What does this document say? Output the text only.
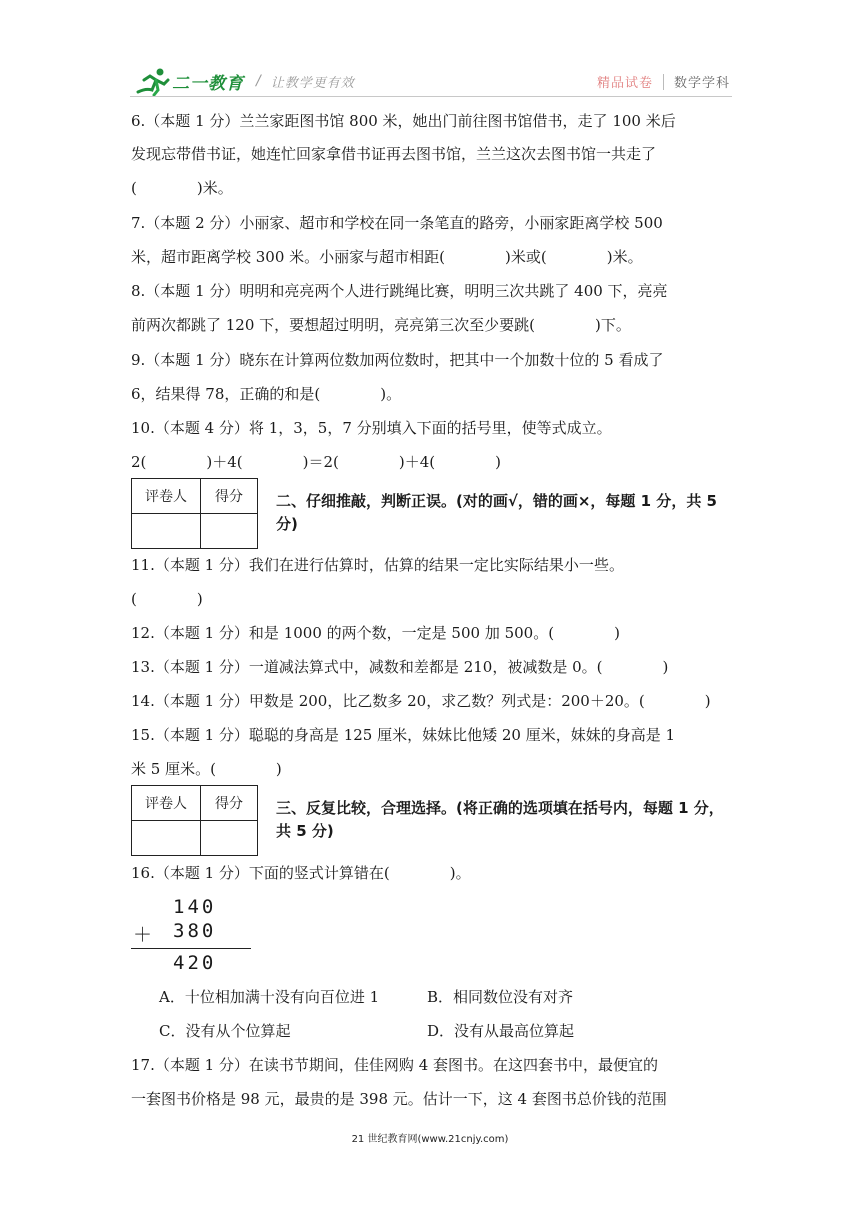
二一教育 / 让教学更有效	精品试卷 数学学科
6.（本题 1 分）兰兰家距图书馆 800 米，她出门前往图书馆借书，走了 100 米后
发现忘带借书证，她连忙回家拿借书证再去图书馆，兰兰这次去图书馆一共走了
(　　　　)米。
7.（本题 2 分）小丽家、超市和学校在同一条笔直的路旁，小丽家距离学校 500
米，超市距离学校 300 米。小丽家与超市相距(　　　　)米或(　　　　)米。
8.（本题 1 分）明明和亮亮两个人进行跳绳比赛，明明三次共跳了 400 下，亮亮
前两次都跳了 120 下，要想超过明明，亮亮第三次至少要跳(　　　　)下。
9.（本题 1 分）晓东在计算两位数加两位数时，把其中一个加数十位的 5 看成了
6，结果得 78，正确的和是(　　　　)。
10.（本题 4 分）将 1，3，5，7 分别填入下面的括号里，使等式成立。
2(　　　　)＋4(　　　　)＝2(　　　　)＋4(　　　　)
评卷人	得分
	二、仔细推敲，判断正误。(对的画√，错的画×，每题 1 分，共 5 分)
11.（本题 1 分）我们在进行估算时，估算的结果一定比实际结果小一些。
(　　　　)
12.（本题 1 分）和是 1000 的两个数，一定是 500 加 500。(　　　　)
13.（本题 1 分）一道减法算式中，减数和差都是 210，被减数是 0。(　　　　)
14.（本题 1 分）甲数是 200，比乙数多 20，求乙数？列式是：200＋20。(　　　　)
15.（本题 1 分）聪聪的身高是 125 厘米，妹妹比他矮 20 厘米，妹妹的身高是 1
米 5 厘米。(　　　　)
评卷人	得分
	三、反复比较，合理选择。(将正确的选项填在括号内，每题 1 分，共 5 分)
16.（本题 1 分）下面的竖式计算错在(　　　　)。
140
＋ 380
420
A．十位相加满十没有向百位进 1	B．相同数位没有对齐
C．没有从个位算起	D．没有从最高位算起
17.（本题 1 分）在读书节期间，佳佳网购 4 套图书。在这四套书中，最便宜的
一套图书价格是 98 元，最贵的是 398 元。估计一下，这 4 套图书总价钱的范围
21 世纪教育网(www.21cnjy.com)
